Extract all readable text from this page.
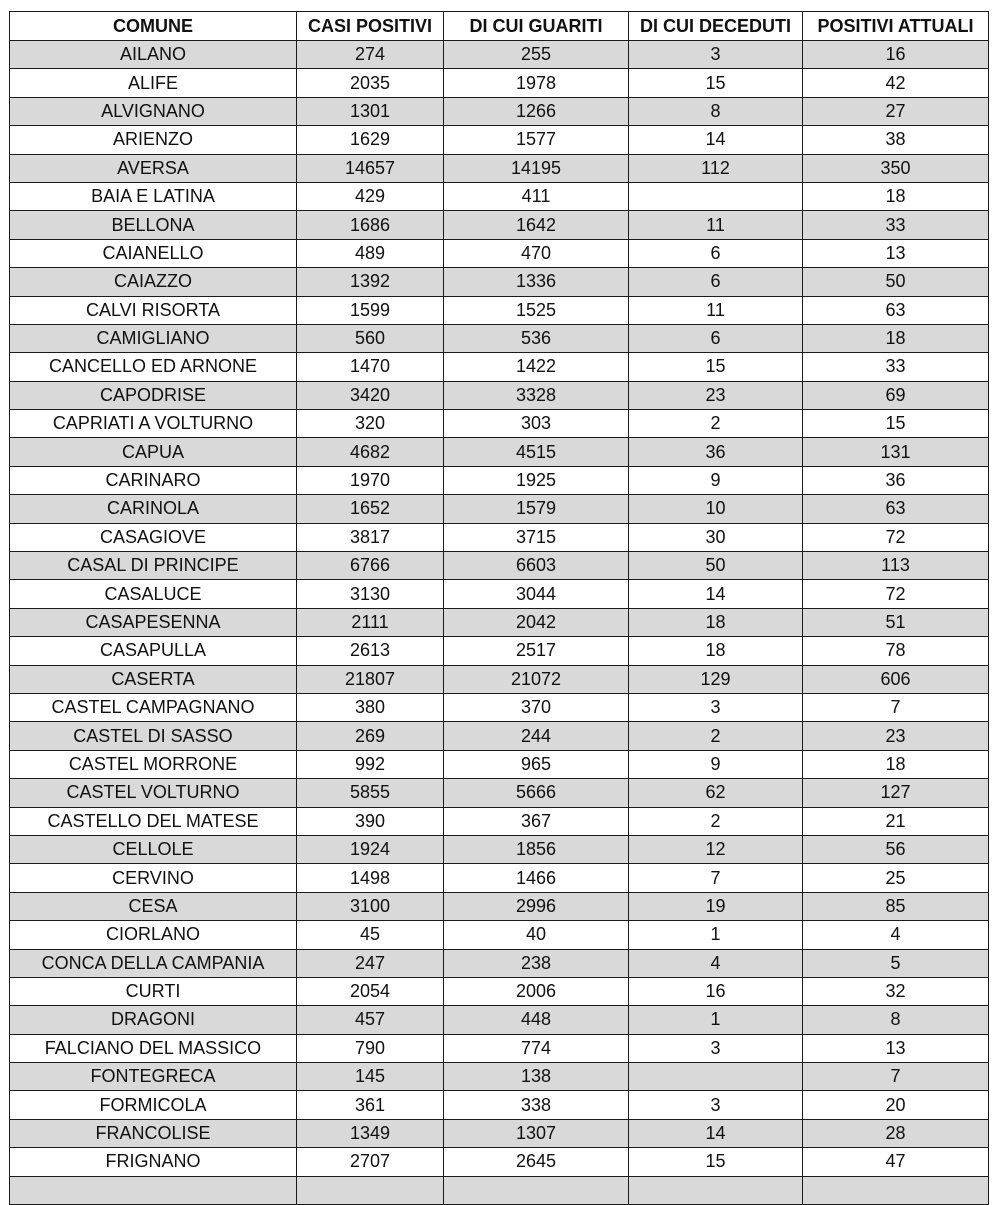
COMUNE	CASI POSITIVI	DI CUI GUARITI	DI CUI DECEDUTI	POSITIVI ATTUALI
AILANO	274	255	3	16
ALIFE	2035	1978	15	42
ALVIGNANO	1301	1266	8	27
ARIENZO	1629	1577	14	38
AVERSA	14657	14195	112	350
BAIA E LATINA	429	411		18
BELLONA	1686	1642	11	33
CAIANELLO	489	470	6	13
CAIAZZO	1392	1336	6	50
CALVI RISORTA	1599	1525	11	63
CAMIGLIANO	560	536	6	18
CANCELLO ED ARNONE	1470	1422	15	33
CAPODRISE	3420	3328	23	69
CAPRIATI A VOLTURNO	320	303	2	15
CAPUA	4682	4515	36	131
CARINARO	1970	1925	9	36
CARINOLA	1652	1579	10	63
CASAGIOVE	3817	3715	30	72
CASAL DI PRINCIPE	6766	6603	50	113
CASALUCE	3130	3044	14	72
CASAPESENNA	2111	2042	18	51
CASAPULLA	2613	2517	18	78
CASERTA	21807	21072	129	606
CASTEL CAMPAGNANO	380	370	3	7
CASTEL DI SASSO	269	244	2	23
CASTEL MORRONE	992	965	9	18
CASTEL VOLTURNO	5855	5666	62	127
CASTELLO DEL MATESE	390	367	2	21
CELLOLE	1924	1856	12	56
CERVINO	1498	1466	7	25
CESA	3100	2996	19	85
CIORLANO	45	40	1	4
CONCA DELLA CAMPANIA	247	238	4	5
CURTI	2054	2006	16	32
DRAGONI	457	448	1	8
FALCIANO DEL MASSICO	790	774	3	13
FONTEGRECA	145	138		7
FORMICOLA	361	338	3	20
FRANCOLISE	1349	1307	14	28
FRIGNANO	2707	2645	15	47
